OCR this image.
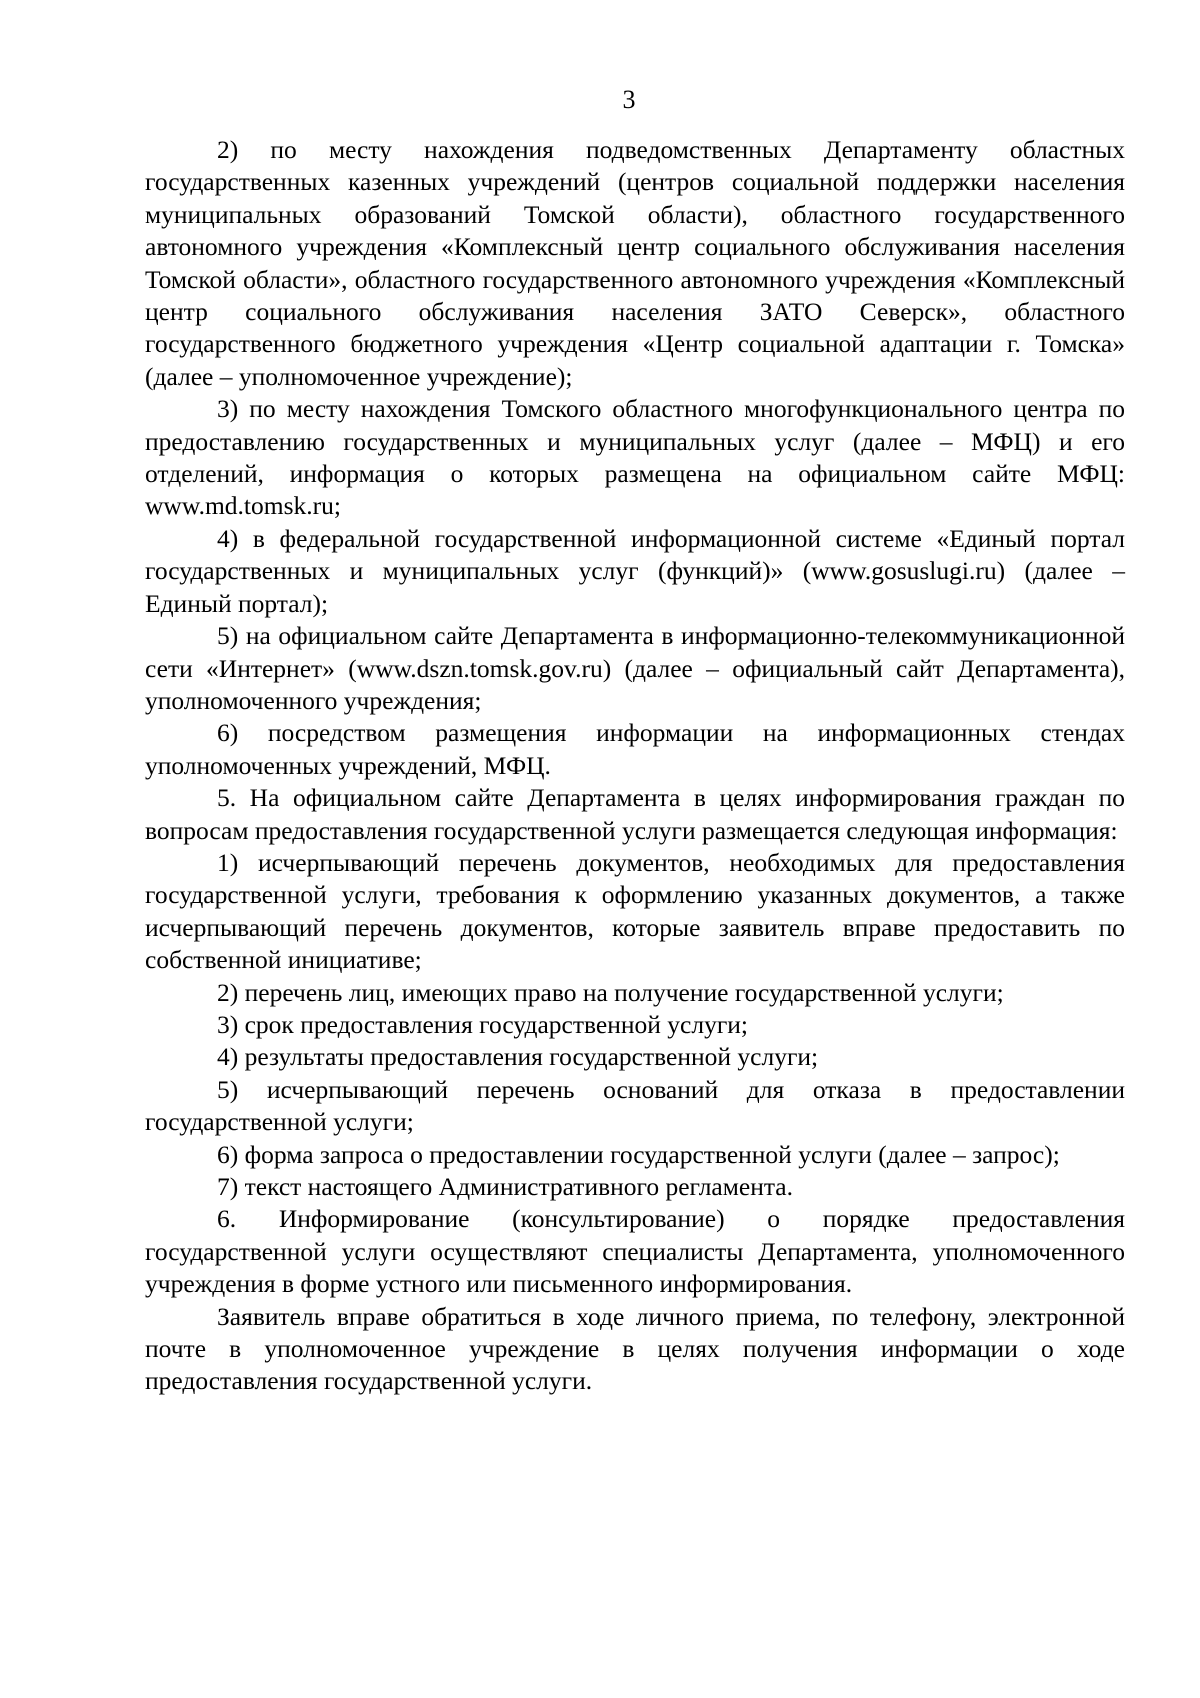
3

2) по месту нахождения подведомственных Департаменту областных государственных казенных учреждений (центров социальной поддержки населения муниципальных образований Томской области), областного государственного автономного учреждения «Комплексный центр социального обслуживания населения Томской области», областного государственного автономного учреждения «Комплексный центр социального обслуживания населения ЗАТО Северск», областного государственного бюджетного учреждения «Центр социальной адаптации г. Томска» (далее – уполномоченное учреждение);

3) по месту нахождения Томского областного многофункционального центра по предоставлению государственных и муниципальных услуг (далее – МФЦ) и его отделений, информация о которых размещена на официальном сайте МФЦ: www.md.tomsk.ru;

4) в федеральной государственной информационной системе «Единый портал государственных и муниципальных услуг (функций)» (www.gosuslugi.ru) (далее – Единый портал);

5) на официальном сайте Департамента в информационно-телекоммуникационной сети «Интернет» (www.dszn.tomsk.gov.ru) (далее – официальный сайт Департамента), уполномоченного учреждения;

6) посредством размещения информации на информационных стендах уполномоченных учреждений, МФЦ.

5. На официальном сайте Департамента в целях информирования граждан по вопросам предоставления государственной услуги размещается следующая информация:

1) исчерпывающий перечень документов, необходимых для предоставления государственной услуги, требования к оформлению указанных документов, а также исчерпывающий перечень документов, которые заявитель вправе предоставить по собственной инициативе;

2) перечень лиц, имеющих право на получение государственной услуги;

3) срок предоставления государственной услуги;

4) результаты предоставления государственной услуги;

5) исчерпывающий перечень оснований для отказа в предоставлении государственной услуги;

6) форма запроса о предоставлении государственной услуги (далее – запрос);

7) текст настоящего Административного регламента.

6. Информирование (консультирование) о порядке предоставления государственной услуги осуществляют специалисты Департамента, уполномоченного учреждения в форме устного или письменного информирования.

Заявитель вправе обратиться в ходе личного приема, по телефону, электронной почте в уполномоченное учреждение в целях получения информации о ходе предоставления государственной услуги.
